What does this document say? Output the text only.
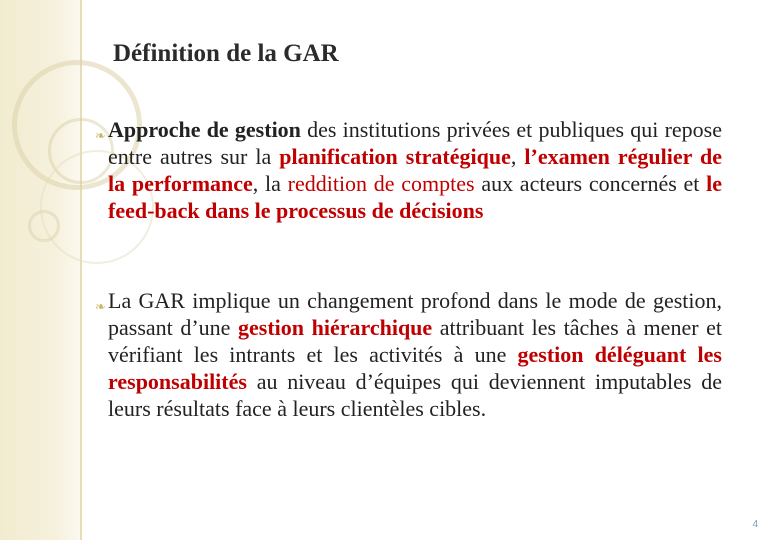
Définition de la GAR
❧ Approche de gestion des institutions privées et publiques qui repose entre autres sur la planification stratégique, l’examen régulier de la performance, la reddition de comptes aux acteurs concernés et le feed-back dans le processus de décisions
❧ La GAR implique un changement profond dans le mode de gestion, passant d’une gestion hiérarchique attribuant les tâches à mener et vérifiant les intrants et les activités à une gestion déléguant les responsabilités au niveau d’équipes qui deviennent imputables de leurs résultats face à leurs clientèles cibles.
4
